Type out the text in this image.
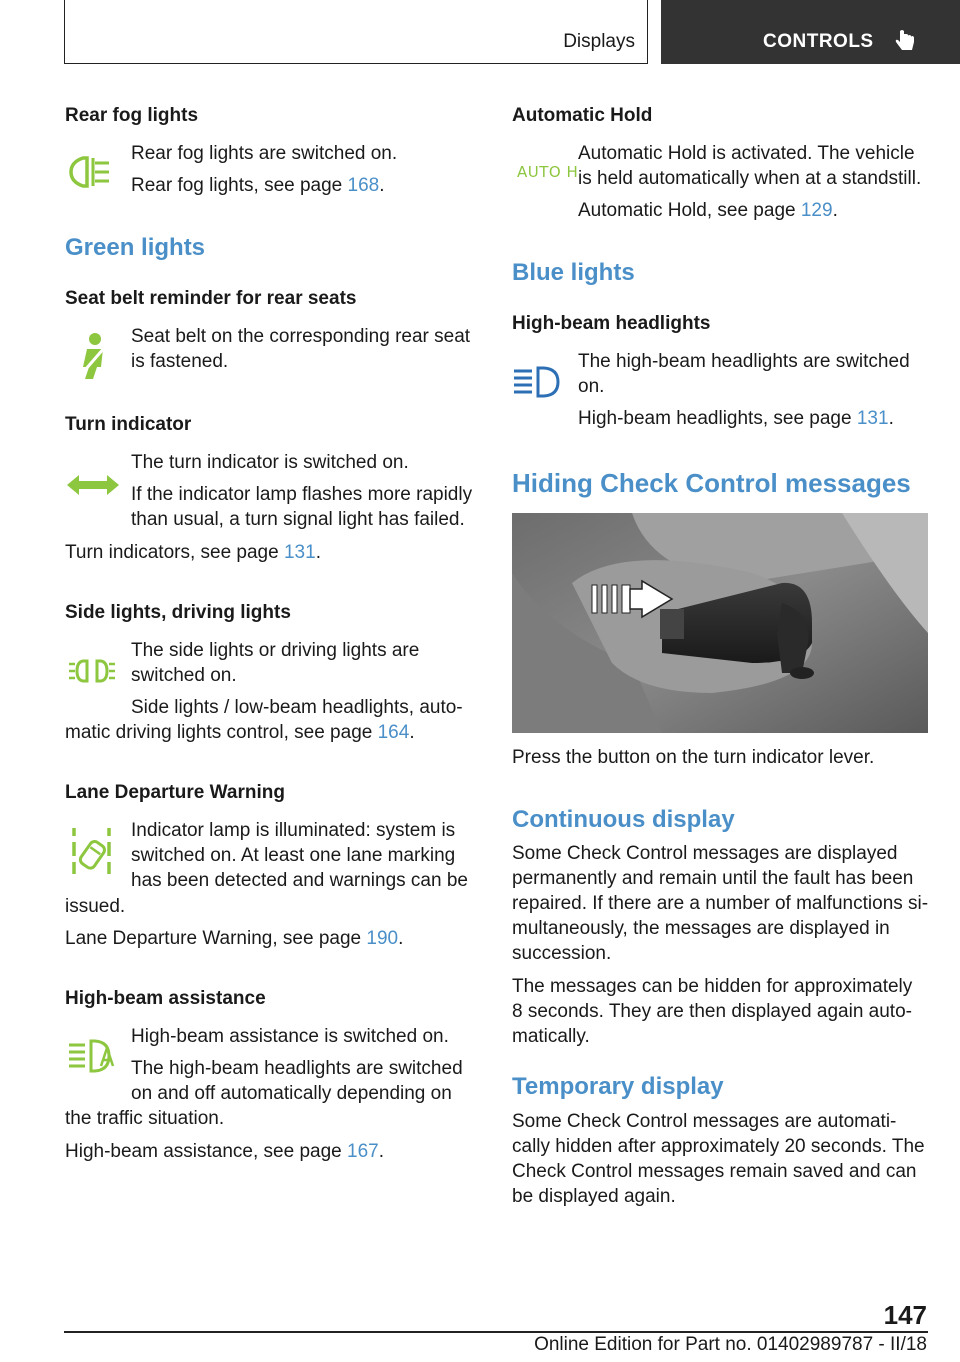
Displays	CONTROLS
Rear fog lights
Rear fog lights are switched on.
Rear fog lights, see page 168.
Green lights
Seat belt reminder for rear seats
Seat belt on the corresponding rear seat
is fastened.
Turn indicator
The turn indicator is switched on.
If the indicator lamp flashes more rapidly
than usual, a turn signal light has failed.
Turn indicators, see page 131.
Side lights, driving lights
The side lights or driving lights are
switched on.
Side lights / low-beam headlights, auto‐
matic driving lights control, see page 164.
Lane Departure Warning
Indicator lamp is illuminated: system is
switched on. At least one lane marking
has been detected and warnings can be
issued.
Lane Departure Warning, see page 190.
High-beam assistance
High-beam assistance is switched on.
The high-beam headlights are switched
on and off automatically depending on
the traffic situation.
High-beam assistance, see page 167.
Automatic Hold
AUTO H
Automatic Hold is activated. The vehicle
is held automatically when at a standstill.
Automatic Hold, see page 129.
Blue lights
High-beam headlights
The high-beam headlights are switched
on.
High-beam headlights, see page 131.
Hiding Check Control messages
Press the button on the turn indicator lever.
Continuous display
Some Check Control messages are displayed
permanently and remain until the fault has been
repaired. If there are a number of malfunctions si‐
multaneously, the messages are displayed in
succession.
The messages can be hidden for approximately
8 seconds. They are then displayed again auto‐
matically.
Temporary display
Some Check Control messages are automati‐
cally hidden after approximately 20 seconds. The
Check Control messages remain saved and can
be displayed again.
147
Online Edition for Part no. 01402989787 - II/18
